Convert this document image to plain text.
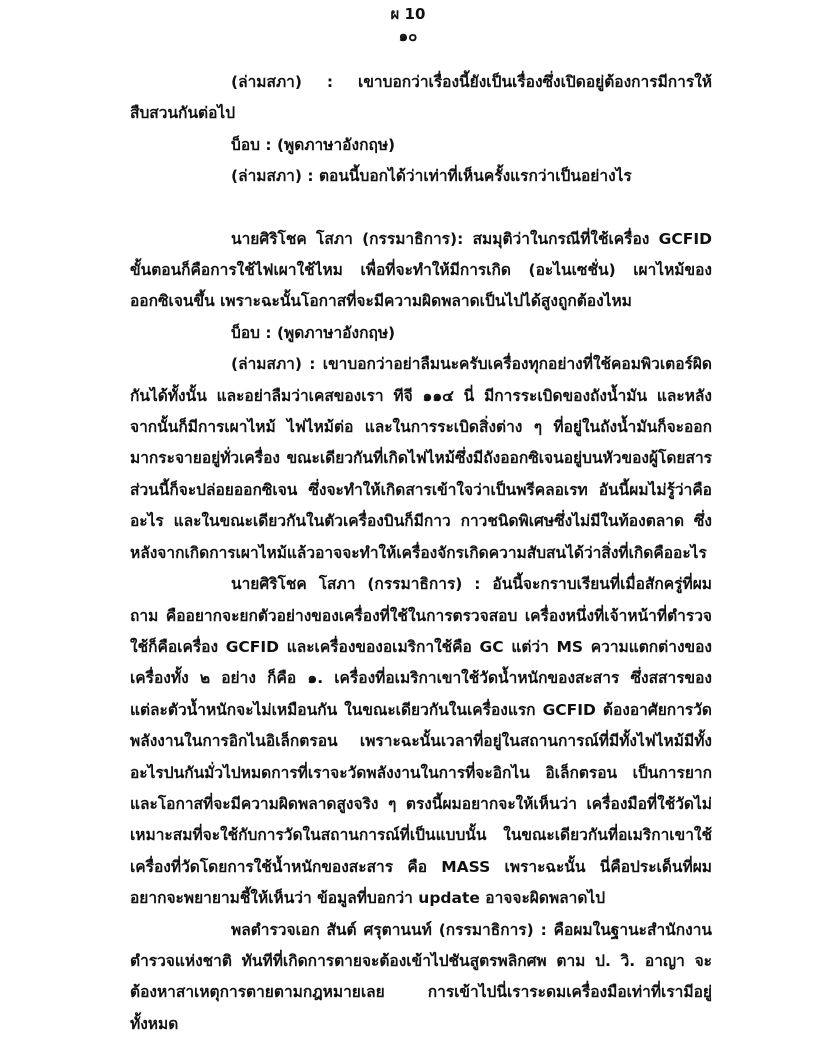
ผ 10
๑๐

(ล่ามสภา) : เขาบอกว่าเรื่องนี้ยังเป็นเรื่องซึ่งเปิดอยู่ต้องการมีการให้สืบสวนกันต่อไป

บ็อบ : (พูดภาษาอังกฤษ)

(ล่ามสภา) : ตอนนี้บอกได้ว่าเท่าที่เห็นครั้งแรกว่าเป็นอย่างไร

นายศิริโชค โสภา (กรรมาธิการ): สมมุติว่าในกรณีที่ใช้เครื่อง GCFID ขั้นตอนก็คือการใช้ไฟเผาใช้ไหม เพื่อที่จะทำให้มีการเกิด (อะไนเซชั่น) เผาไหม้ของออกซิเจนขึ้น เพราะฉะนั้นโอกาสที่จะมีความผิดพลาดเป็นไปได้สูงถูกต้องไหม

บ็อบ : (พูดภาษาอังกฤษ)

(ล่ามสภา) : เขาบอกว่าอย่าลืมนะครับเครื่องทุกอย่างที่ใช้คอมพิวเตอร์ผิดกันได้ทั้งนั้น และอย่าลืมว่าเคสของเรา ทีจี ๑๑๔ นี่ มีการระเบิดของถังน้ำมัน และหลังจากนั้นก็มีการเผาไหม้ ไฟไหม้ต่อ และในการระเบิดสิ่งต่าง ๆ ที่อยู่ในถังน้ำมันก็จะออกมากระจายอยู่ทั่วเครื่อง ขณะเดียวกันที่เกิดไฟไหม้ซึ่งมีถังออกซิเจนอยู่บนหัวของผู้โดยสาร ส่วนนี้ก็จะปล่อยออกซิเจน ซึ่งจะทำให้เกิดสารเข้าใจว่าเป็นพรีคลอเรท อันนี้ผมไม่รู้ว่าคืออะไร และในขณะเดียวกันในตัวเครื่องบินก็มีกาว กาวชนิดพิเศษซึ่งไม่มีในท้องตลาด ซึ่งหลังจากเกิดการเผาไหม้แล้วอาจจะทำให้เครื่องจักรเกิดความสับสนได้ว่าสิ่งที่เกิดคืออะไร

นายศิริโชค โสภา (กรรมาธิการ) : อันนี้จะกราบเรียนที่เมื่อสักครู่ที่ผมถาม คืออยากจะยกตัวอย่างของเครื่องที่ใช้ในการตรวจสอบ เครื่องหนึ่งที่เจ้าหน้าที่ตำรวจใช้ก็คือเครื่อง GCFID และเครื่องของอเมริกาใช้คือ GC แต่ว่า MS ความแตกต่างของเครื่องทั้ง ๒ อย่าง ก็คือ ๑. เครื่องที่อเมริกาเขาใช้วัดน้ำหนักของสะสาร ซึ่งสสารของแต่ละตัวน้ำหนักจะไม่เหมือนกัน ในขณะเดียวกันในเครื่องแรก GCFID ต้องอาศัยการวัดพลังงานในการอิกไนอิเล็กตรอน เพราะฉะนั้นเวลาที่อยู่ในสถานการณ์ที่มีทั้งไฟไหม้มีทั้งอะไรปนกันมั่วไปหมดการที่เราจะวัดพลังงานในการที่จะอิกไน อิเล็กตรอน เป็นการยากและโอกาสที่จะมีความผิดพลาดสูงจริง ๆ ตรงนี้ผมอยากจะให้เห็นว่า เครื่องมือที่ใช้วัดไม่เหมาะสมที่จะใช้กับการวัดในสถานการณ์ที่เป็นแบบนั้น ในขณะเดียวกันที่อเมริกาเขาใช้เครื่องที่วัดโดยการใช้น้ำหนักของสะสาร คือ MASS เพราะฉะนั้น นี่คือประเด็นที่ผมอยากจะพยายามชี้ให้เห็นว่า ข้อมูลที่บอกว่า update อาจจะผิดพลาดไป

พลตำรวจเอก สันต์ ศรุตานนท์ (กรรมาธิการ) : คือผมในฐานะสำนักงานตำรวจแห่งชาติ ทันทีที่เกิดการตายจะต้องเข้าไปชันสูตรพลิกศพ ตาม ป. วิ. อาญา จะต้องหาสาเหตุการตายตามกฎหมายเลย การเข้าไปนี่เราระดมเครื่องมือเท่าที่เรามีอยู่ทั้งหมด
